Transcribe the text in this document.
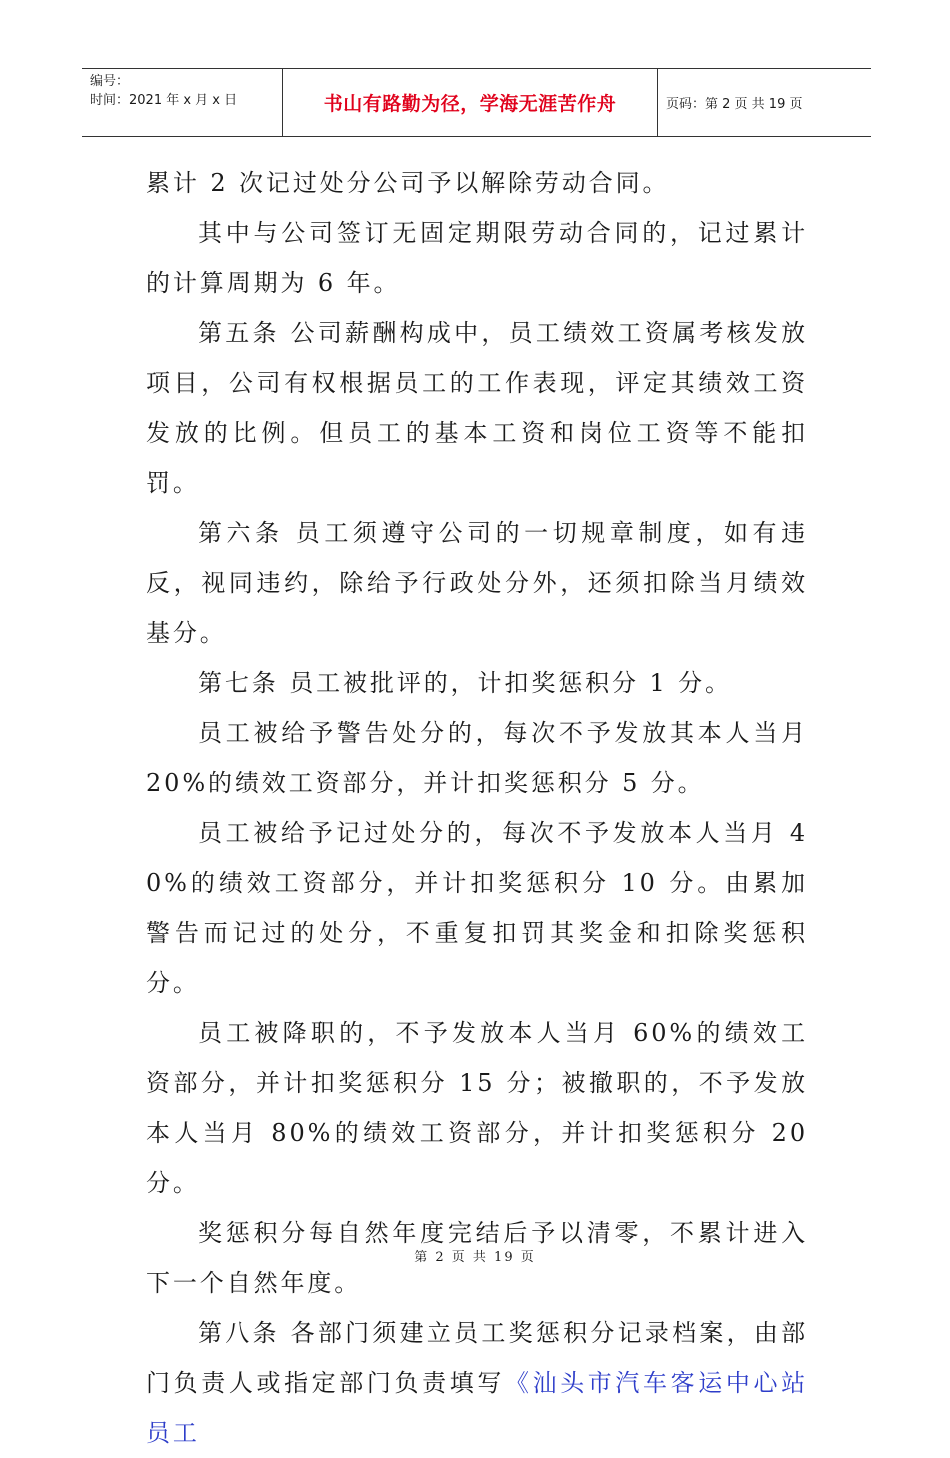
编号：
时间：2021 年 x 月 x 日	书山有路勤为径，学海无涯苦作舟	页码：第 2 页 共 19 页

累计 2 次记过处分公司予以解除劳动合同。

其中与公司签订无固定期限劳动合同的，记过累计的计算周期为 6 年。

第五条 公司薪酬构成中，员工绩效工资属考核发放项目，公司有权根据员工的工作表现，评定其绩效工资发放的比例。但员工的基本工资和岗位工资等不能扣罚。

第六条 员工须遵守公司的一切规章制度，如有违反，视同违约，除给予行政处分外，还须扣除当月绩效基分。

第七条 员工被批评的，计扣奖惩积分 1 分。

员工被给予警告处分的，每次不予发放其本人当月 20%的绩效工资部分，并计扣奖惩积分 5 分。

员工被给予记过处分的，每次不予发放本人当月 40%的绩效工资部分，并计扣奖惩积分 10 分。由累加警告而记过的处分，不重复扣罚其奖金和扣除奖惩积分。

员工被降职的，不予发放本人当月 60%的绩效工资部分，并计扣奖惩积分 15 分；被撤职的，不予发放本人当月 80%的绩效工资部分，并计扣奖惩积分 20 分。

奖惩积分每自然年度完结后予以清零，不累计进入下一个自然年度。

第八条 各部门须建立员工奖惩积分记录档案，由部门负责人或指定部门负责填写《汕头市汽车客运中心站员工

第 2 页 共 19 页
